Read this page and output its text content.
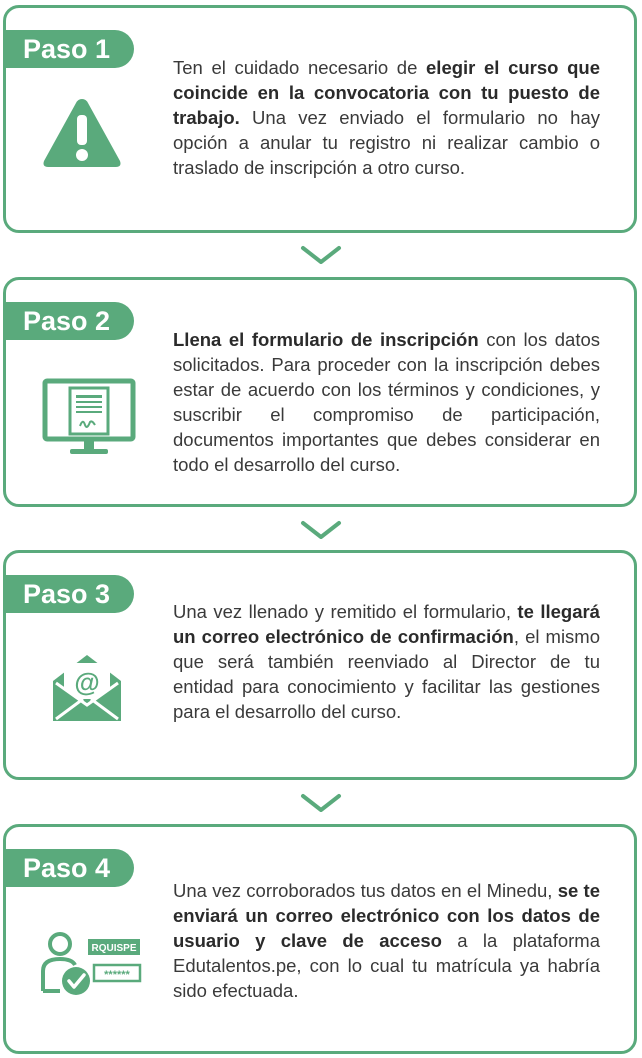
Paso 1
Ten el cuidado necesario de elegir el curso que coincide en la convocatoria con tu puesto de trabajo. Una vez enviado el formulario no hay opción a anular tu registro ni realizar cambio o traslado de inscripción a otro curso.
Paso 2
Llena el formulario de inscripción con los datos solicitados. Para proceder con la inscripción debes estar de acuerdo con los términos y condiciones, y suscribir el compromiso de participación, documentos importantes que debes considerar en todo el desarrollo del curso.
Paso 3
@
Una vez llenado y remitido el formulario, te llegará un correo electrónico de confirmación, el mismo que será también reenviado al Director de tu entidad para conocimiento y facilitar las gestiones para el desarrollo del curso.
Paso 4
RQUISPE
******
Una vez corroborados tus datos en el Minedu, se te enviará un correo electrónico con los datos de usuario y clave de acceso a la plataforma Edutalentos.pe, con lo cual tu matrícula ya habría sido efectuada.
